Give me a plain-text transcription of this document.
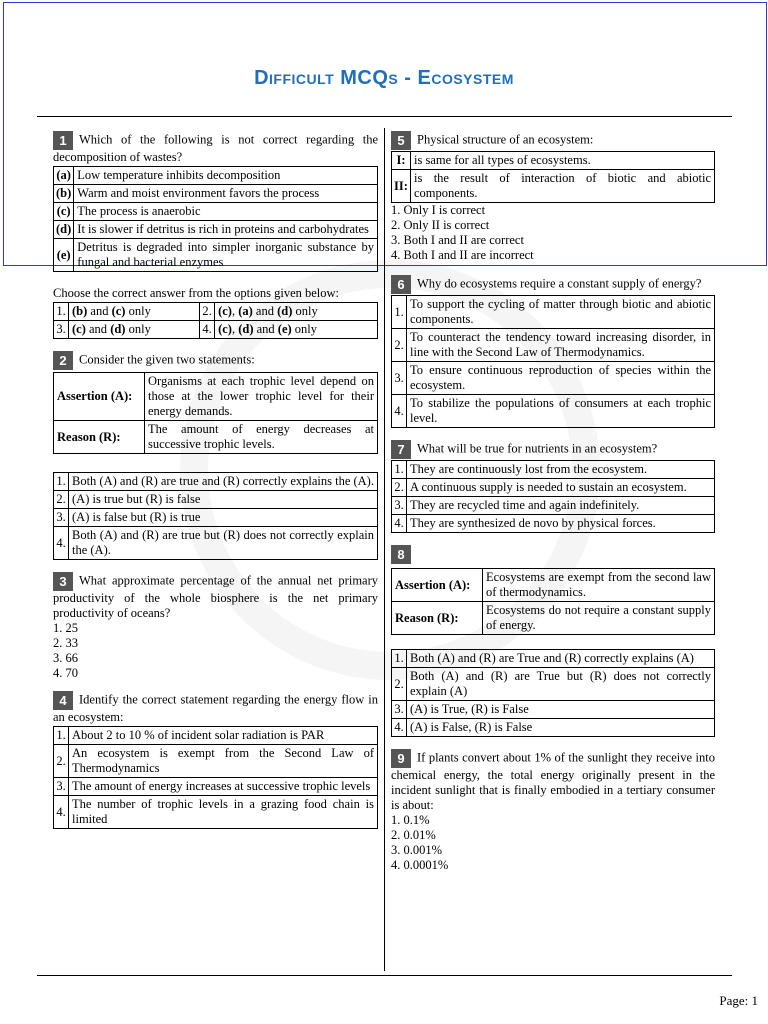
Difficult MCQs - Ecosystem
1 Which of the following is not correct regarding the decomposition of wastes?
(a)	Low temperature inhibits decomposition
(b)	Warm and moist environment favors the process
(c)	The process is anaerobic
(d)	It is slower if detritus is rich in proteins and carbohydrates
(e)	Detritus is degraded into simpler inorganic substance by fungal and bacterial enzymes
Choose the correct answer from the options given below:
1.	(b) and (c) only	2.	(c), (a) and (d) only
3.	(c) and (d) only	4.	(c), (d) and (e) only
2 Consider the given two statements:
Assertion (A):	Organisms at each trophic level depend on those at the lower trophic level for their energy demands.
Reason (R):	The amount of energy decreases at successive trophic levels.
1.	Both (A) and (R) are true and (R) correctly explains the (A).
2.	(A) is true but (R) is false
3.	(A) is false but (R) is true
4.	Both (A) and (R) are true but (R) does not correctly explain the (A).
3 What approximate percentage of the annual net primary productivity of the whole biosphere is the net primary productivity of oceans?
1. 25
2. 33
3. 66
4. 70
4 Identify the correct statement regarding the energy flow in an ecosystem:
1.	About 2 to 10 % of incident solar radiation is PAR
2.	An ecosystem is exempt from the Second Law of Thermodynamics
3.	The amount of energy increases at successive trophic levels
4.	The number of trophic levels in a grazing food chain is limited
5 Physical structure of an ecosystem:
I:	is same for all types of ecosystems.
II:	is the result of interaction of biotic and abiotic components.
1. Only I is correct
2. Only II is correct
3. Both I and II are correct
4. Both I and II are incorrect
6 Why do ecosystems require a constant supply of energy?
1.	To support the cycling of matter through biotic and abiotic components.
2.	To counteract the tendency toward increasing disorder, in line with the Second Law of Thermodynamics.
3.	To ensure continuous reproduction of species within the ecosystem.
4.	To stabilize the populations of consumers at each trophic level.
7 What will be true for nutrients in an ecosystem?
1.	They are continuously lost from the ecosystem.
2.	A continuous supply is needed to sustain an ecosystem.
3.	They are recycled time and again indefinitely.
4.	They are synthesized de novo by physical forces.
8
Assertion (A):	Ecosystems are exempt from the second law of thermodynamics.
Reason (R):	Ecosystems do not require a constant supply of energy.
1.	Both (A) and (R) are True and (R) correctly explains (A)
2.	Both (A) and (R) are True but (R) does not correctly explain (A)
3.	(A) is True, (R) is False
4.	(A) is False, (R) is False
9 If plants convert about 1% of the sunlight they receive into chemical energy, the total energy originally present in the incident sunlight that is finally embodied in a tertiary consumer is about:
1. 0.1%
2. 0.01%
3. 0.001%
4. 0.0001%
Page: 1
